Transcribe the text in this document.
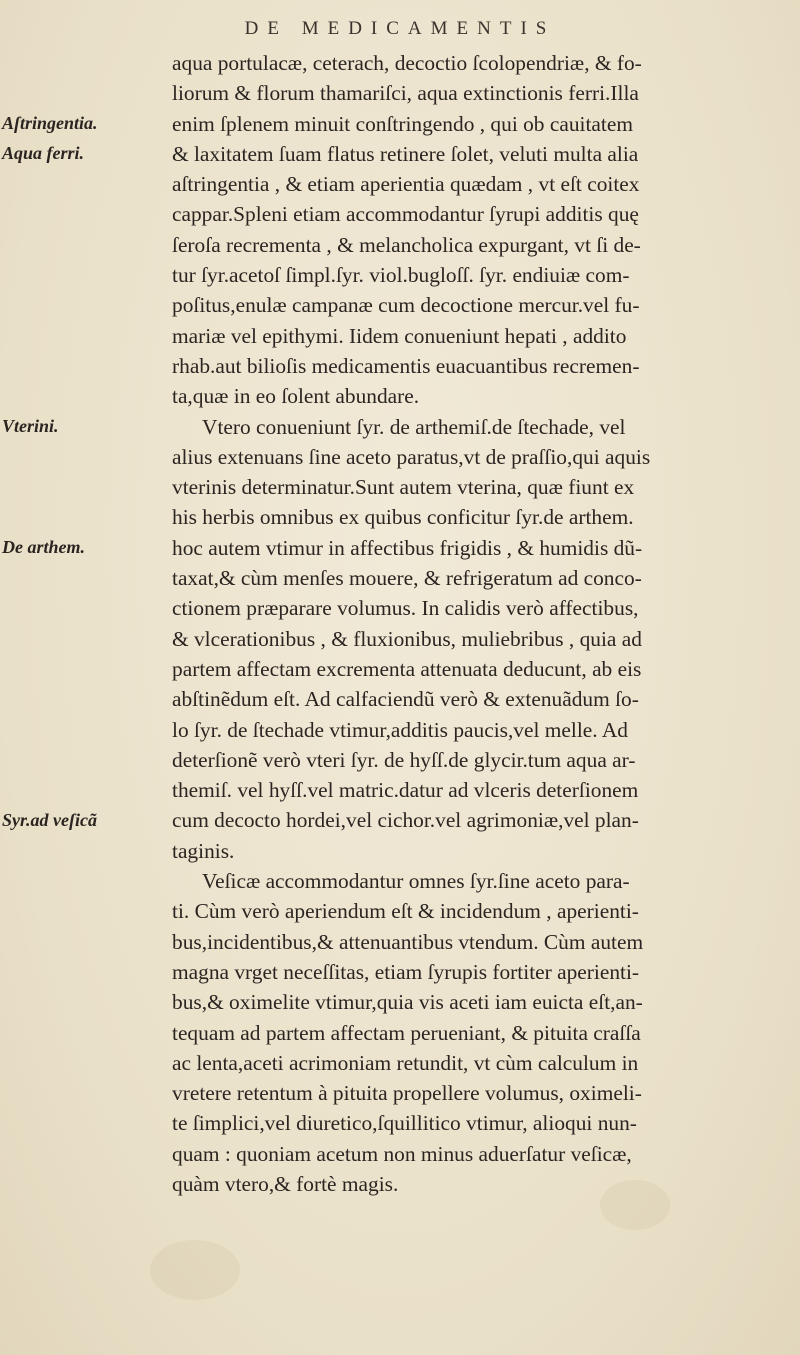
DE MEDICAMENTIS
Aſtringentia.
Aqua ferri.
Vterini.
De arthem.
Syr.ad veſicã
aqua portulacæ, ceterach, decoctio ſcolopendriæ, & fo-
liorum & florum thamariſci, aqua extinctionis ferri.Illa
enim ſplenem minuit conſtringendo , qui ob cauitatem
& laxitatem ſuam flatus retinere ſolet, veluti multa alia
aſtringentia , & etiam aperientia quædam , vt eſt coitex
cappar.Spleni etiam accommodantur ſyrupi additis quę
ſeroſa recrementa , & melancholica expurgant, vt ſi de-
tur ſyr.acetoſ ſimpl.ſyr. viol.bugloſſ. ſyr. endiuiæ com-
poſitus,enulæ campanæ cum decoctione mercur.vel fu-
mariæ vel epithymi. Iidem conueniunt hepati , addito
rhab.aut bilioſis medicamentis euacuantibus recremen-
ta,quæ in eo ſolent abundare.
Vtero conueniunt ſyr. de arthemiſ.de ſtechade, vel
alius extenuans ſine aceto paratus,vt de praſſio,qui aquis
vterinis determinatur.Sunt autem vterina, quæ fiunt ex
his herbis omnibus ex quibus conficitur ſyr.de arthem.
hoc autem vtimur in affectibus frigidis , & humidis dũ-
taxat,& cùm menſes mouere, & refrigeratum ad conco-
ctionem præparare volumus. In calidis verò affectibus,
& vlcerationibus , & fluxionibus, muliebribus , quia ad
partem affectam excrementa attenuata deducunt, ab eis
abſtinẽdum eſt. Ad calfaciendũ verò & extenuãdum ſo-
lo ſyr. de ſtechade vtimur,additis paucis,vel melle. Ad
deterſionẽ verò vteri ſyr. de hyſſ.de glycir.tum aqua ar-
themiſ. vel hyſſ.vel matric.datur ad vlceris deterſionem
cum decocto hordei,vel cichor.vel agrimoniæ,vel plan-
taginis.
Veſicæ accommodantur omnes ſyr.ſine aceto para-
ti. Cùm verò aperiendum eſt & incidendum , aperienti-
bus,incidentibus,& attenuantibus vtendum. Cùm autem
magna vrget neceſſitas, etiam ſyrupis fortiter aperienti-
bus,& oximelite vtimur,quia vis aceti iam euicta eſt,an-
tequam ad partem affectam perueniant, & pituita craſſa
ac lenta,aceti acrimoniam retundit, vt cùm calculum in
vretere retentum à pituita propellere volumus, oximeli-
te ſimplici,vel diuretico,ſquillitico vtimur, alioqui nun-
quam : quoniam acetum non minus aduerſatur veſicæ,
quàm vtero,& fortè magis.
